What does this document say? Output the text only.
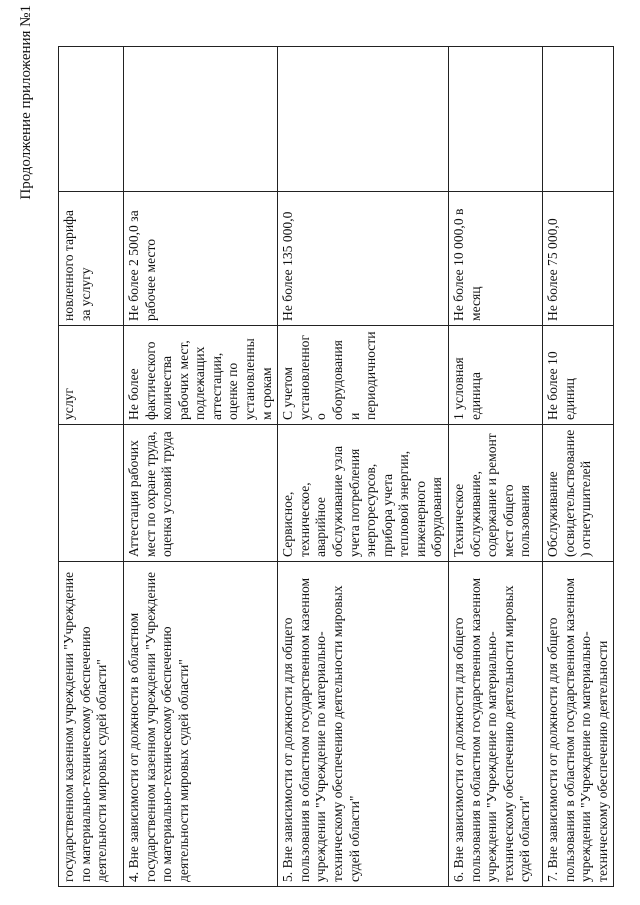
Продолжение приложения №1
государственном казенном учреждении "Учреждение по материально-техническому обеспечению деятельности мировых судей области"		услуг	новленного тарифа за услугу	
4. Вне зависимости от должности в областном государственном казенном учреждении "Учреждение по материально-техническому обеспечению деятельности мировых судей области"	Аттестация рабочих мест по охране труда, оценка условий труда	Не более фактического количества рабочих мест, подлежащих аттестации, оценке по установленным срокам	Не более 2 500,0 за рабочее место	
5. Вне зависимости от должности для общего пользования в областном государственном казенном учреждении "Учреждение по материально-техническому обеспечению деятельности мировых судей области"	Сервисное, техническое, аварийное обслуживание узла учета потребления энергоресурсов, прибора учета тепловой энергии, инженерного оборудования	С учетом установленного оборудования и периодичности	Не более 135 000,0	
6. Вне зависимости от должности для общего пользования в областном государственном казенном учреждении "Учреждение по материально-техническому обеспечению деятельности мировых судей области"	Техническое обслуживание, содержание и ремонт мест общего пользования	1 условная единица	Не более 10 000,0 в месяц	
7. Вне зависимости от должности для общего пользования в областном государственном казенном учреждении "Учреждение по материально-техническому обеспечению деятельности	Обслуживание (освидетельствование) огнетушителей	Не более 10 единиц	Не более 75 000,0	
